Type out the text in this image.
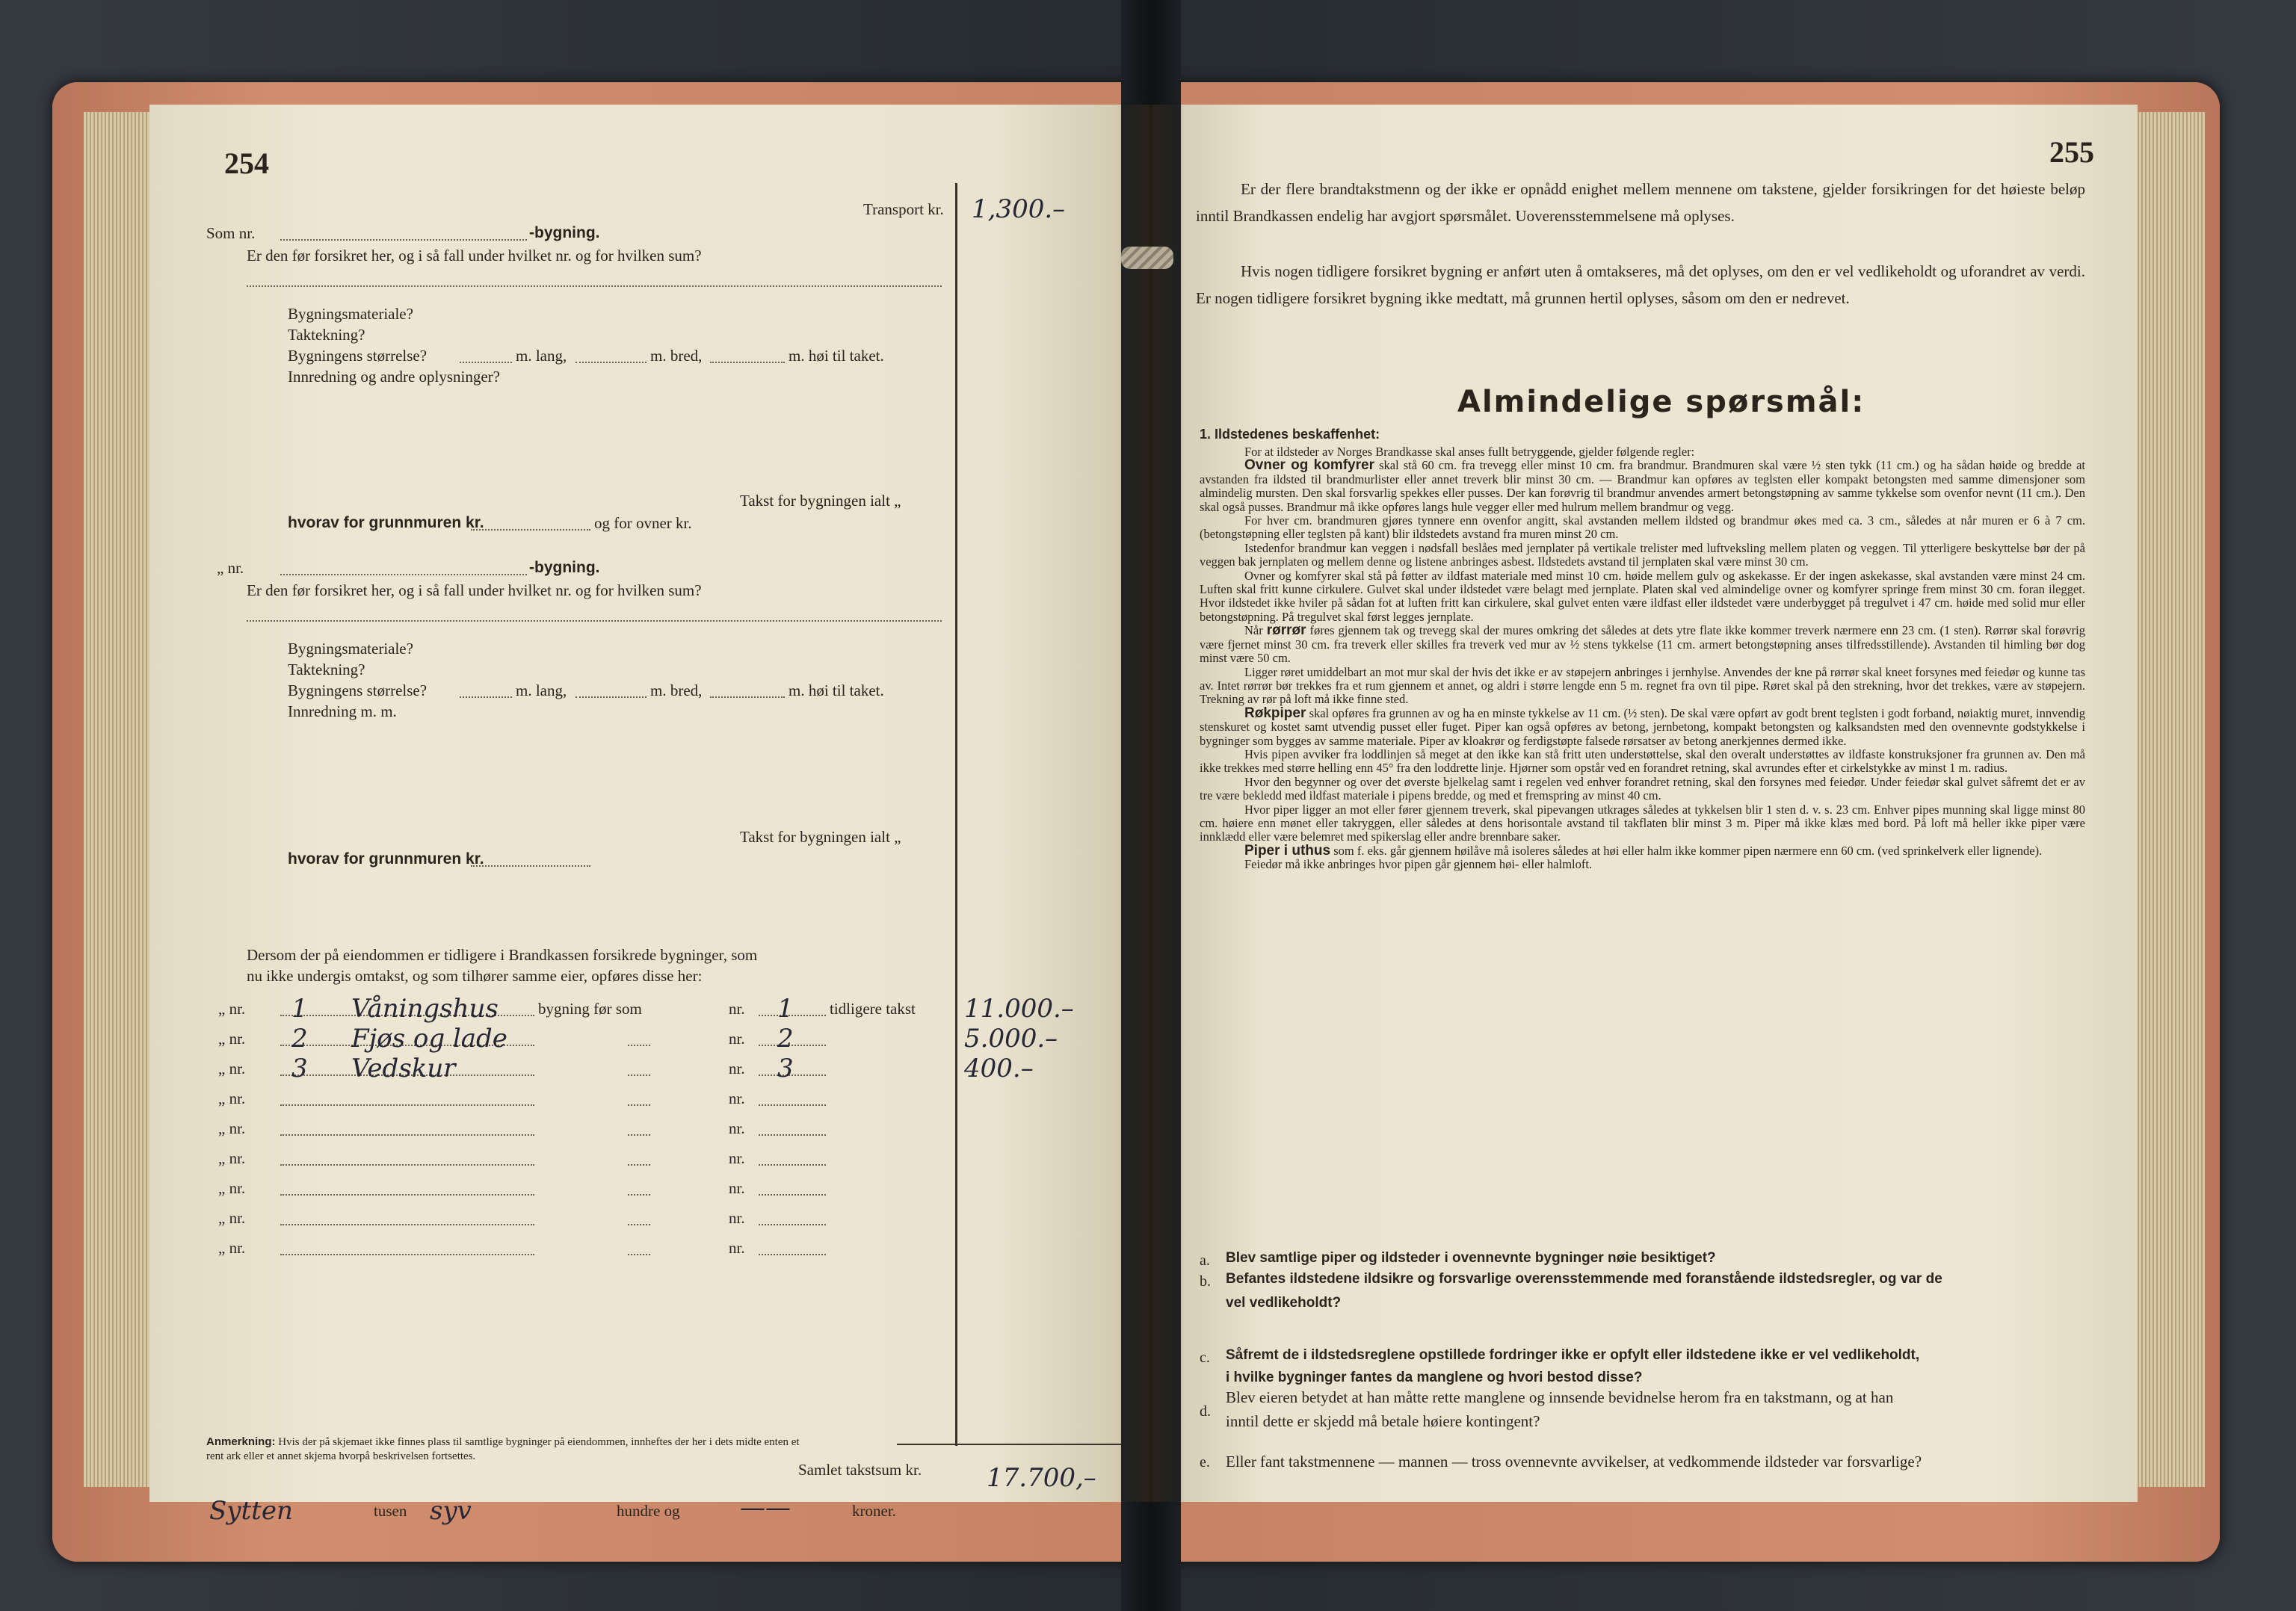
254
Transport kr. 1,300.–
Som nr.	-bygning.
Er den før forsikret her, og i så fall under hvilket nr. og for hvilken sum?
Bygningsmateriale?
Taktekning?
Bygningens størrelse?	m. lang,	m. bred,	m. høi til taket.
Innredning og andre oplysninger?
Takst for bygningen ialt „
hvorav for grunnmuren kr.	og for ovner kr.
„ nr.	-bygning.
Er den før forsikret her, og i så fall under hvilket nr. og for hvilken sum?
Bygningsmateriale?
Taktekning?
Bygningens størrelse?	m. lang,	m. bred,	m. høi til taket.
Innredning m. m.
Takst for bygningen ialt „
hvorav for grunnmuren kr.
Dersom der på eiendommen er tidligere i Brandkassen forsikrede bygninger, som
nu ikke undergis omtakst, og som tilhører samme eier, opføres disse her:
„ nr. 1 Våningshus	bygning før som	nr. 1 tidligere takst 11.000.–
„ nr. 2 Fjøs og lade	nr. 2	5.000.–
„ nr. 3 Vedskur	nr. 3	400.–
„ nr.	nr.
„ nr.	nr.
„ nr.	nr.
„ nr.	nr.
„ nr.	nr.
„ nr.	nr.
Samlet takstsum kr.	17.700,–
Sytten	tusen syv	hundre og ——	kroner.
Anmerkning: Hvis der på skjemaet ikke finnes plass til samtlige bygninger på eiendommen, innheftes der her i dets midte enten et
rent ark eller et annet skjema hvorpå beskrivelsen fortsettes.
255
Er der flere brandtakstmenn og der ikke er opnådd enighet mellem mennene om takstene, gjelder forsikringen for det høieste beløp inntil Brandkassen endelig har avgjort spørsmålet. Uoverensstemmelsene må oplyses.
Hvis nogen tidligere forsikret bygning er anført uten å omtakseres, må det oplyses, om den er vel vedlikeholdt og uforandret av verdi. Er nogen tidligere forsikret bygning ikke medtatt, må grunnen hertil oplyses, såsom om den er nedrevet.
Almindelige spørsmål:
1. Ildstedenes beskaffenhet:
For at ildsteder av Norges Brandkasse skal anses fullt betryggende, gjelder følgende regler:
Ovner og komfyrer skal stå 60 cm. fra trevegg eller minst 10 cm. fra brandmur. Brandmuren skal være ½ sten tykk (11 cm.) og ha sådan høide og bredde at avstanden fra ildsted til brandmurlister eller annet treverk blir minst 30 cm. — Brandmur kan opføres av teglsten eller kompakt betongsten med samme dimensjoner som almindelig mursten. Den skal forsvarlig spekkes eller pusses. Der kan forøvrig til brandmur anvendes armert betongstøpning av samme tykkelse som ovenfor nevnt (11 cm.). Den skal også pusses. Brandmur må ikke opføres langs hule vegger eller med hulrum mellem brandmur og vegg.
For hver cm. brandmuren gjøres tynnere enn ovenfor angitt, skal avstanden mellem ildsted og brandmur økes med ca. 3 cm., således at når muren er 6 à 7 cm. (betongstøpning eller teglsten på kant) blir ildstedets avstand fra muren minst 20 cm.
Istedenfor brandmur kan veggen i nødsfall beslåes med jernplater på vertikale trelister med luftveksling mellem platen og veggen. Til ytterligere beskyttelse bør der på veggen bak jernplaten og mellem denne og listene anbringes asbest. Ildstedets avstand til jernplaten skal være minst 30 cm.
Ovner og komfyrer skal stå på føtter av ildfast materiale med minst 10 cm. høide mellem gulv og askekasse. Er der ingen askekasse, skal avstanden være minst 24 cm. Luften skal fritt kunne cirkulere. Gulvet skal under ildstedet være belagt med jernplate. Platen skal ved almindelige ovner og komfyrer springe frem minst 30 cm. foran ilegget. Hvor ildstedet ikke hviler på sådan fot at luften fritt kan cirkulere, skal gulvet enten være ildfast eller ildstedet være underbygget på tregulvet i 47 cm. høide med solid mur eller betongstøpning. På tregulvet skal først legges jernplate.
Når rørrør føres gjennem tak og trevegg skal der mures omkring det således at dets ytre flate ikke kommer treverk nærmere enn 23 cm. (1 sten). Rørrør skal forøvrig være fjernet minst 30 cm. fra treverk eller skilles fra treverk ved mur av ½ stens tykkelse (11 cm. armert betongstøpning anses tilfredsstillende). Avstanden til himling bør dog minst være 50 cm.
Ligger røret umiddelbart an mot mur skal der hvis det ikke er av støpejern anbringes i jernhylse. Anvendes der kne på rørrør skal kneet forsynes med feiedør og kunne tas av. Intet rørrør bør trekkes fra et rum gjennem et annet, og aldri i større lengde enn 5 m. regnet fra ovn til pipe. Røret skal på den strekning, hvor det trekkes, være av støpejern. Trekning av rør på loft må ikke finne sted.
Røkpiper skal opføres fra grunnen av og ha en minste tykkelse av 11 cm. (½ sten). De skal være opført av godt brent teglsten i godt forband, nøiaktig muret, innvendig stenskuret og kostet samt utvendig pusset eller fuget. Piper kan også opføres av betong, jernbetong, kompakt betongsten og kalksandsten med den ovennevnte godstykkelse i bygninger som bygges av samme materiale. Piper av kloakrør og ferdigstøpte falsede rørsatser av betong anerkjennes dermed ikke.
Hvis pipen avviker fra loddlinjen så meget at den ikke kan stå fritt uten understøttelse, skal den overalt understøttes av ildfaste konstruksjoner fra grunnen av. Den må ikke trekkes med større helling enn 45° fra den loddrette linje. Hjørner som opstår ved en forandret retning, skal avrundes efter et cirkelstykke av minst 1 m. radius.
Hvor den begynner og over det øverste bjelkelag samt i regelen ved enhver forandret retning, skal den forsynes med feiedør. Under feiedør skal gulvet såfremt det er av tre være bekledd med ildfast materiale i pipens bredde, og med et fremspring av minst 40 cm.
Hvor piper ligger an mot eller fører gjennem treverk, skal pipevangen utkrages således at tykkelsen blir 1 sten d. v. s. 23 cm. Enhver pipes munning skal ligge minst 80 cm. høiere enn mønet eller takryggen, eller således at dens horisontale avstand til takflaten blir minst 3 m. Piper må ikke klæs med bord. På loft må heller ikke piper være innklædd eller være belemret med spikerslag eller andre brennbare saker.
Piper i uthus som f. eks. går gjennem høilåve må isoleres således at høi eller halm ikke kommer pipen nærmere enn 60 cm. (ved sprinkelverk eller lignende).
Feiedør må ikke anbringes hvor pipen går gjennem høi- eller halmloft.
a. Blev samtlige piper og ildsteder i ovennevnte bygninger nøie besiktiget?
b. Befantes ildstedene ildsikre og forsvarlige overensstemmende med foranstående ildstedsregler, og var de
vel vedlikeholdt?
c. Såfremt de i ildstedsreglene opstillede fordringer ikke er opfylt eller ildstedene ikke er vel vedlikeholdt,
i hvilke bygninger fantes da manglene og hvori bestod disse?
d.
Blev eieren betydet at han måtte rette manglene og innsende bevidnelse herom fra en takstmann, og at han
inntil dette er skjedd må betale høiere kontingent?
e. Eller fant takstmennene — mannen — tross ovennevnte avvikelser, at vedkommende ildsteder var forsvarlige?
